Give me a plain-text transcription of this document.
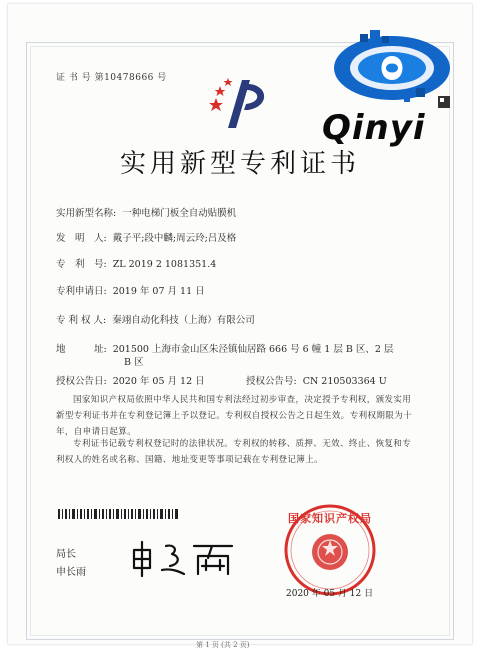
证 书 号 第10478666 号
Qinyi
实用新型专利证书
实用新型名称: 一种电梯门板全自动贴膜机
发　明　人: 戴子平;段中麟;周云玲;吕及格
专　利　号: ZL 2019 2 1081351.4
专利申请日: 2019 年 07 月 11 日
专 利 权 人: 秦翊自动化科技（上海）有限公司
地　　　址: 201500 上海市金山区朱泾镇仙居路 666 号 6 幢 1 层 B 区、2 层
B 区
授权公告日: 2020 年 05 月 12 日	授权公告号: CN 210503364 U
国家知识产权局依照中华人民共和国专利法经过初步审查，决定授予专利权，颁发实用新型专利证书并在专利登记簿上予以登记。专利权自授权公告之日起生效。专利权期限为十年，自申请日起算。
专利证书记载专利权登记时的法律状况。专利权的转移、质押、无效、终止、恢复和专利权人的姓名或名称、国籍、地址变更等事项记载在专利登记簿上。
局长
申长雨
国家知识产权局
2020 年 05 月 12 日
第 1 页 (共 2 页)
